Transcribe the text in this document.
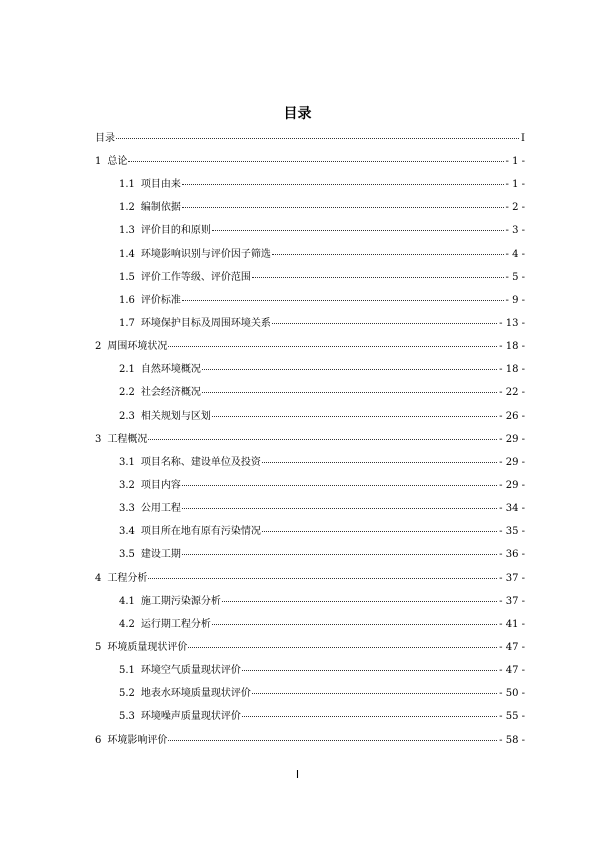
目录
目录	I
1 总论	- 1 -
1.1 项目由来	- 1 -
1.2 编制依据	- 2 -
1.3 评价目的和原则	- 3 -
1.4 环境影响识别与评价因子筛选	- 4 -
1.5 评价工作等级、评价范围	- 5 -
1.6 评价标准	- 9 -
1.7 环境保护目标及周围环境关系	- 13 -
2 周围环境状况	- 18 -
2.1 自然环境概况	- 18 -
2.2 社会经济概况	- 22 -
2.3 相关规划与区划	- 26 -
3 工程概况	- 29 -
3.1 项目名称、建设单位及投资	- 29 -
3.2 项目内容	- 29 -
3.3 公用工程	- 34 -
3.4 项目所在地有原有污染情况	- 35 -
3.5 建设工期	- 36 -
4 工程分析	- 37 -
4.1 施工期污染源分析	- 37 -
4.2 运行期工程分析	- 41 -
5 环境质量现状评价	- 47 -
5.1 环境空气质量现状评价	- 47 -
5.2 地表水环境质量现状评价	- 50 -
5.3 环境噪声质量现状评价	- 55 -
6 环境影响评价	- 58 -
I
